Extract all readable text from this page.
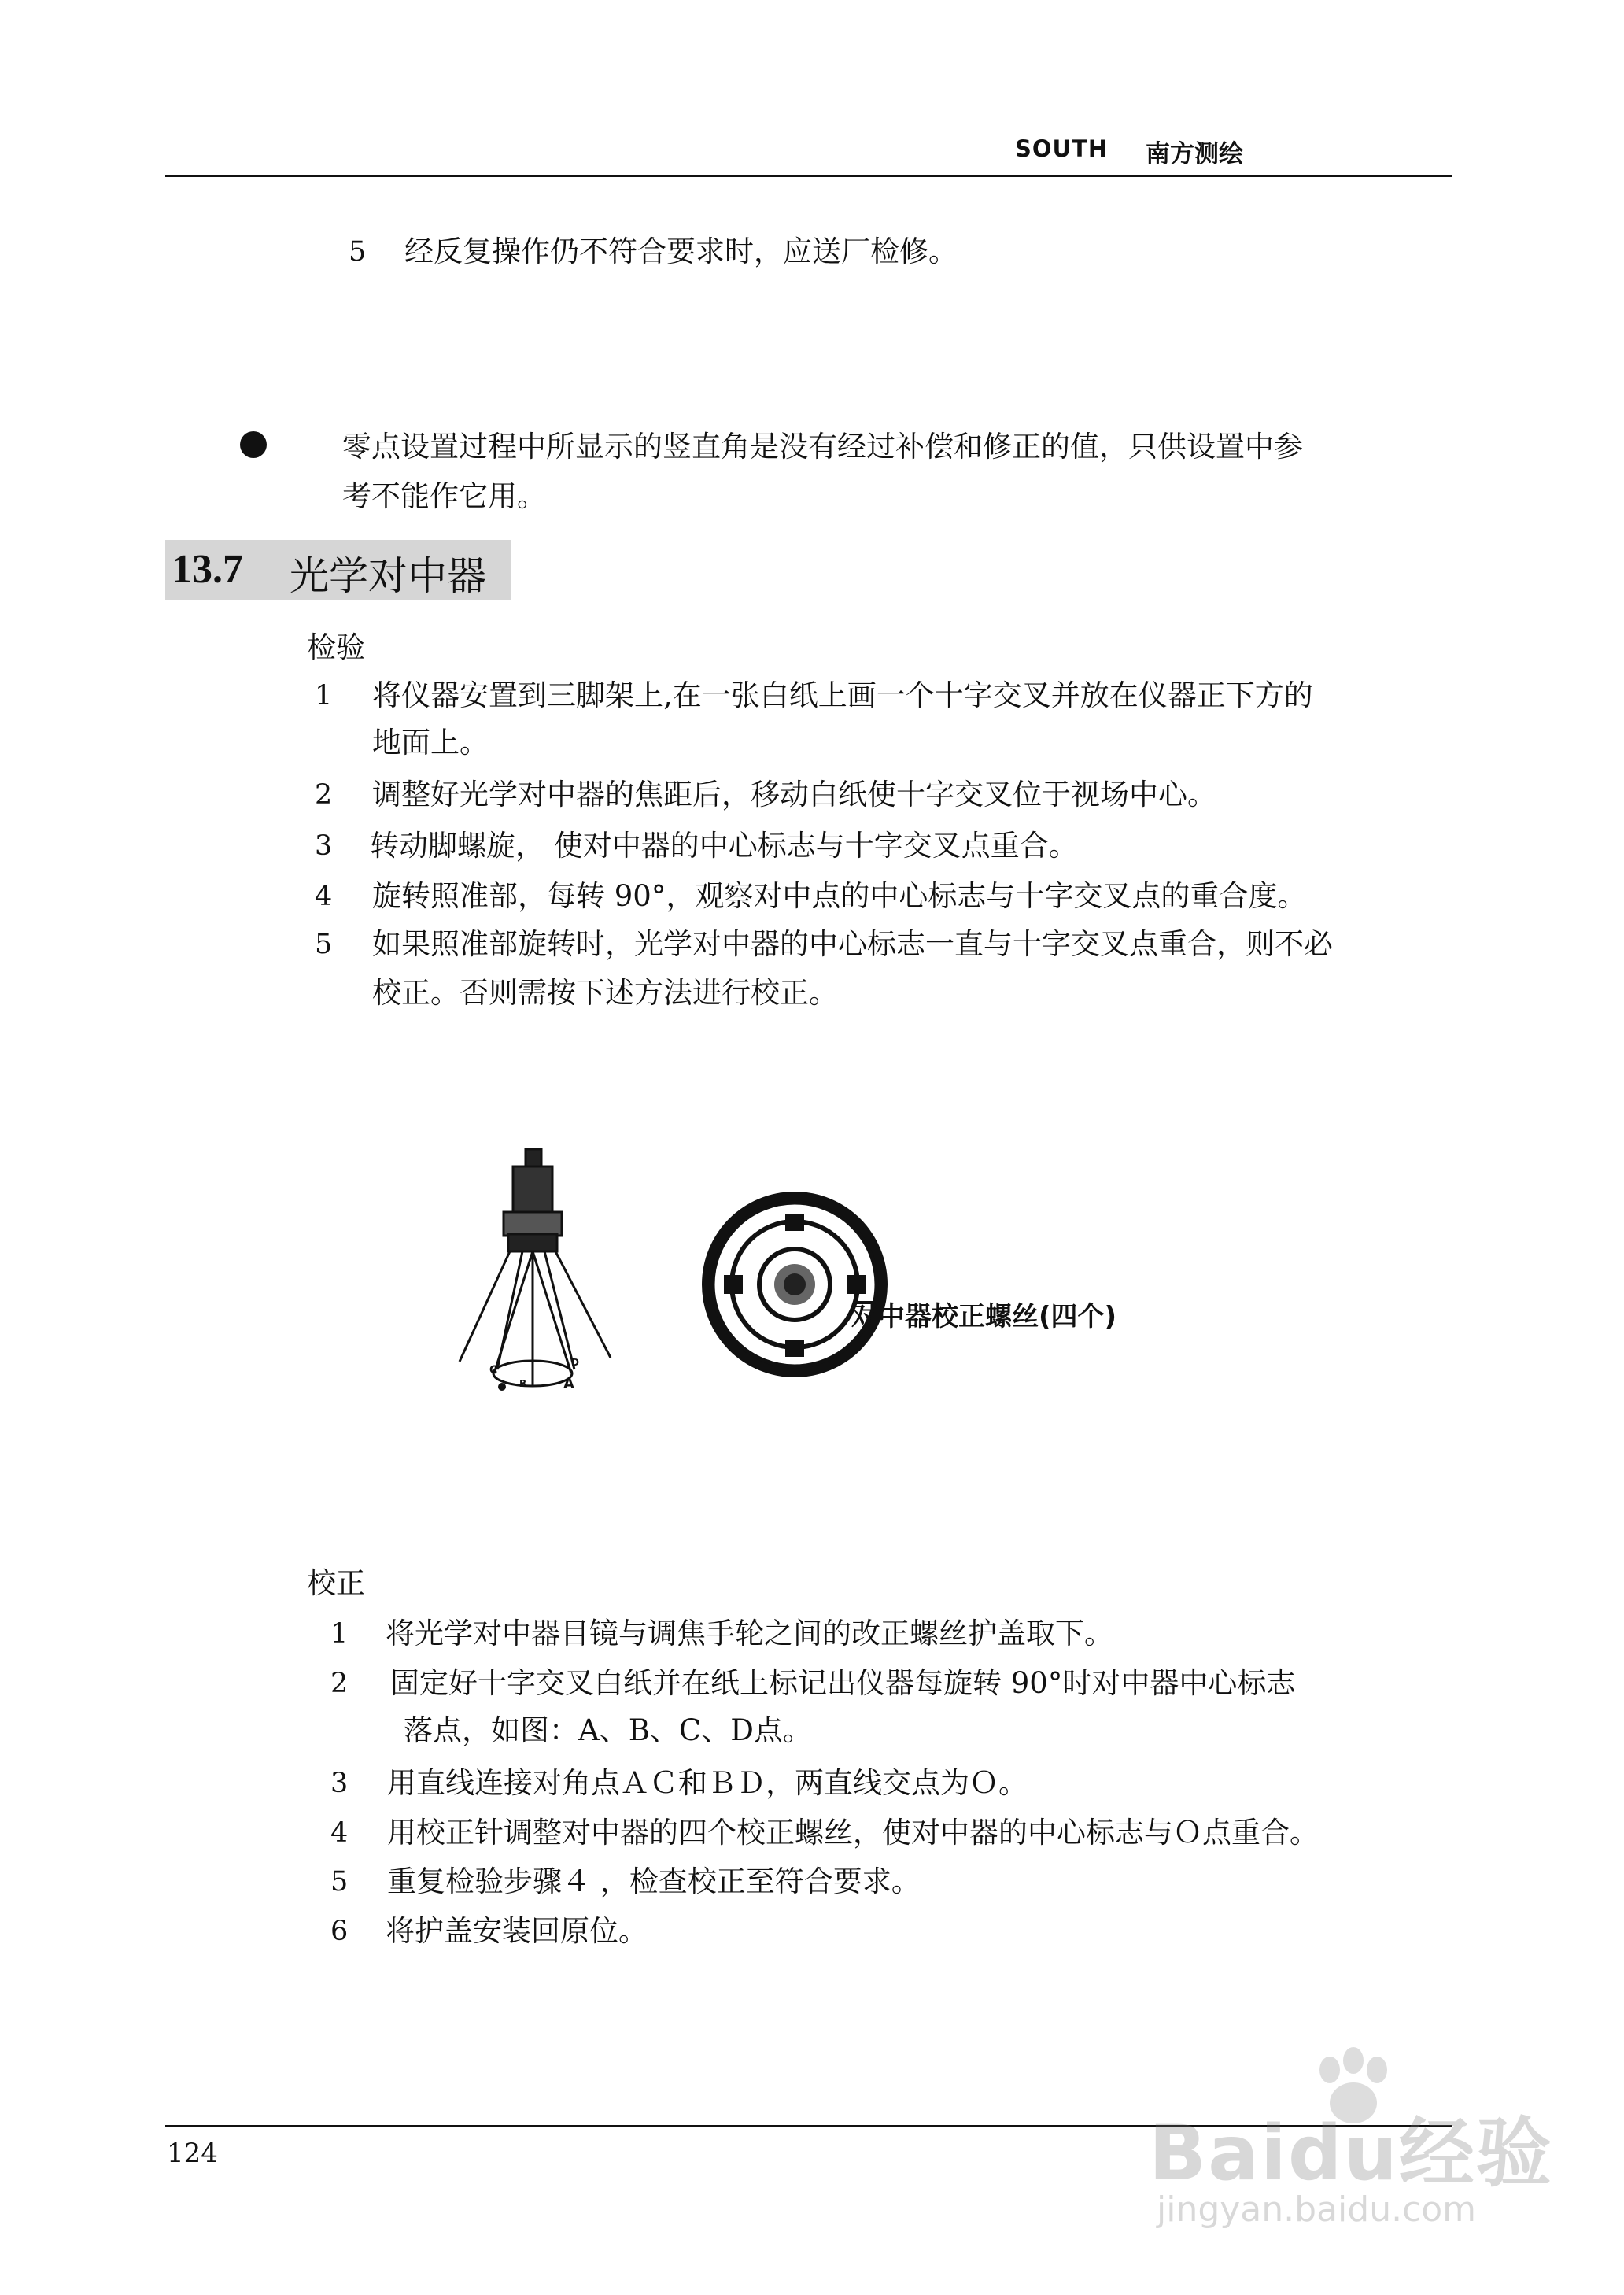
SOUTH 南方测绘
5 经反复操作仍不符合要求时，应送厂检修。
零点设置过程中所显示的竖直角是没有经过补偿和修正的值，只供设置中参
考不能作它用。
13.7 光学对中器
检验
1 将仪器安置到三脚架上,在一张白纸上画一个十字交叉并放在仪器正下方的
地面上。
2 调整好光学对中器的焦距后，移动白纸使十字交叉位于视场中心。
3 转动脚螺旋， 使对中器的中心标志与十字交叉点重合。
4 旋转照准部，每转 90°，观察对中点的中心标志与十字交叉点的重合度。
5 如果照准部旋转时，光学对中器的中心标志一直与十字交叉点重合，则不必
校正。否则需按下述方法进行校正。
C
D
B	A
对中器校正螺丝(四个)
校正
1 将光学对中器目镜与调焦手轮之间的改正螺丝护盖取下。
2 固定好十字交叉白纸并在纸上标记出仪器每旋转 90°时对中器中心标志
落点，如图：A、B、C、D点。
3 用直线连接对角点ＡＣ和ＢＤ，两直线交点为Ｏ。
4 用校正针调整对中器的四个校正螺丝，使对中器的中心标志与Ｏ点重合。
5 重复检验步骤４ ，检查校正至符合要求。
6 将护盖安装回原位。
124	Baidu经验
jingyan.baidu.com
